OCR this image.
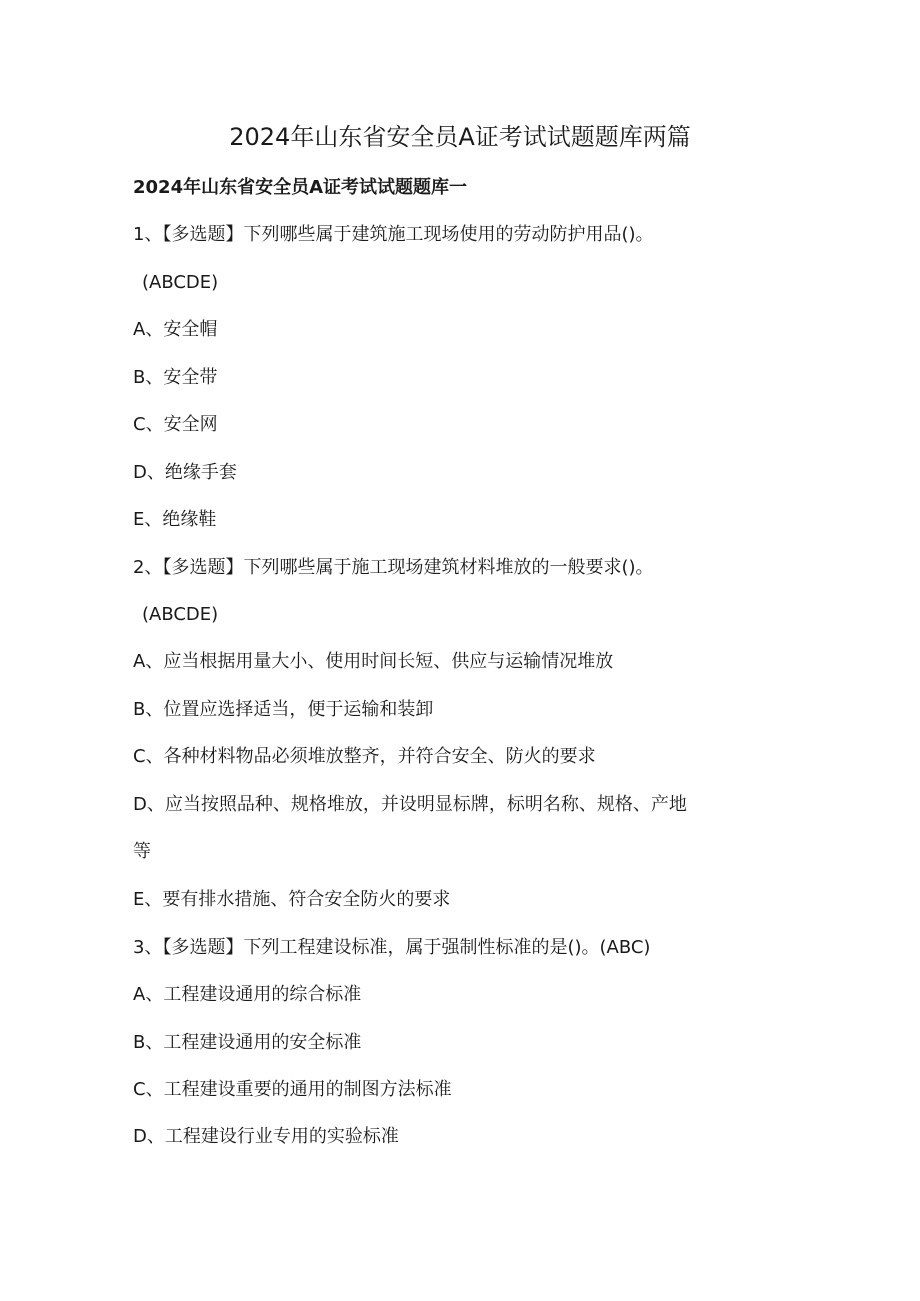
2024年山东省安全员A证考试试题题库两篇

2024年山东省安全员A证考试试题题库一

1、【多选题】下列哪些属于建筑施工现场使用的劳动防护用品()。

(ABCDE)

A、安全帽

B、安全带

C、安全网

D、绝缘手套

E、绝缘鞋

2、【多选题】下列哪些属于施工现场建筑材料堆放的一般要求()。

(ABCDE)

A、应当根据用量大小、使用时间长短、供应与运输情况堆放

B、位置应选择适当，便于运输和装卸

C、各种材料物品必须堆放整齐，并符合安全、防火的要求

D、应当按照品种、规格堆放，并设明显标牌，标明名称、规格、产地

等

E、要有排水措施、符合安全防火的要求

3、【多选题】下列工程建设标准，属于强制性标准的是()。(ABC)

A、工程建设通用的综合标准

B、工程建设通用的安全标准

C、工程建设重要的通用的制图方法标准

D、工程建设行业专用的实验标准
